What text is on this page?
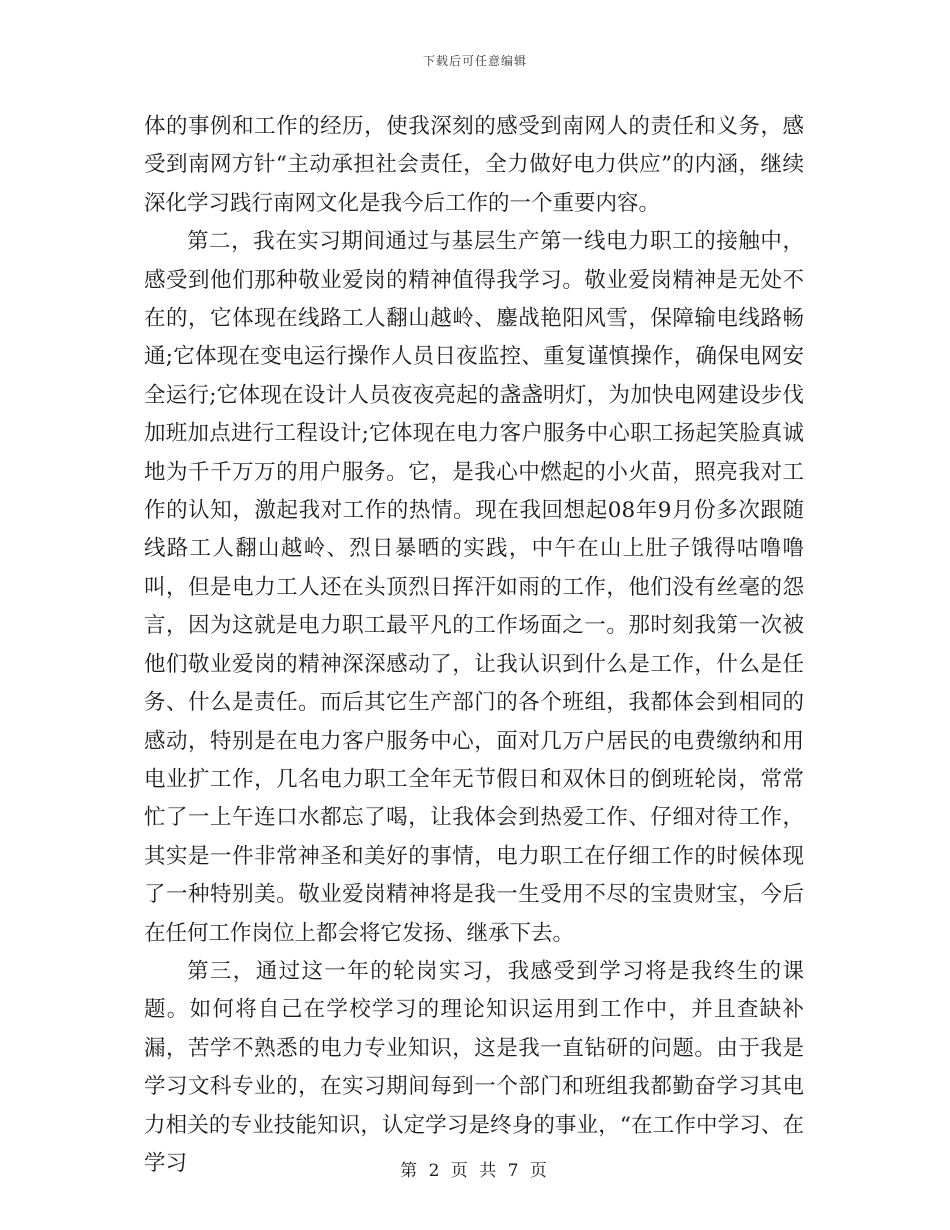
下载后可任意编辑

体的事例和工作的经历，使我深刻的感受到南网人的责任和义务，感受到南网方针“主动承担社会责任，全力做好电力供应”的内涵，继续深化学习践行南网文化是我今后工作的一个重要内容。

第二，我在实习期间通过与基层生产第一线电力职工的接触中，感受到他们那种敬业爱岗的精神值得我学习。敬业爱岗精神是无处不在的，它体现在线路工人翻山越岭、鏖战艳阳风雪，保障输电线路畅通;它体现在变电运行操作人员日夜监控、重复谨慎操作，确保电网安全运行;它体现在设计人员夜夜亮起的盏盏明灯，为加快电网建设步伐加班加点进行工程设计;它体现在电力客户服务中心职工扬起笑脸真诚地为千千万万的用户服务。它，是我心中燃起的小火苗，照亮我对工作的认知，激起我对工作的热情。现在我回想起08年9月份多次跟随线路工人翻山越岭、烈日暴晒的实践，中午在山上肚子饿得咕噜噜叫，但是电力工人还在头顶烈日挥汗如雨的工作，他们没有丝毫的怨言，因为这就是电力职工最平凡的工作场面之一。那时刻我第一次被他们敬业爱岗的精神深深感动了，让我认识到什么是工作，什么是任务、什么是责任。而后其它生产部门的各个班组，我都体会到相同的感动，特别是在电力客户服务中心，面对几万户居民的电费缴纳和用电业扩工作，几名电力职工全年无节假日和双休日的倒班轮岗，常常忙了一上午连口水都忘了喝，让我体会到热爱工作、仔细对待工作，其实是一件非常神圣和美好的事情，电力职工在仔细工作的时候体现了一种特别美。敬业爱岗精神将是我一生受用不尽的宝贵财宝，今后在任何工作岗位上都会将它发扬、继承下去。

第三，通过这一年的轮岗实习，我感受到学习将是我终生的课题。如何将自己在学校学习的理论知识运用到工作中，并且查缺补漏，苦学不熟悉的电力专业知识，这是我一直钻研的问题。由于我是学习文科专业的，在实习期间每到一个部门和班组我都勤奋学习其电力相关的专业技能知识，认定学习是终身的事业，“在工作中学习、在学习	第 2 页 共 7 页
